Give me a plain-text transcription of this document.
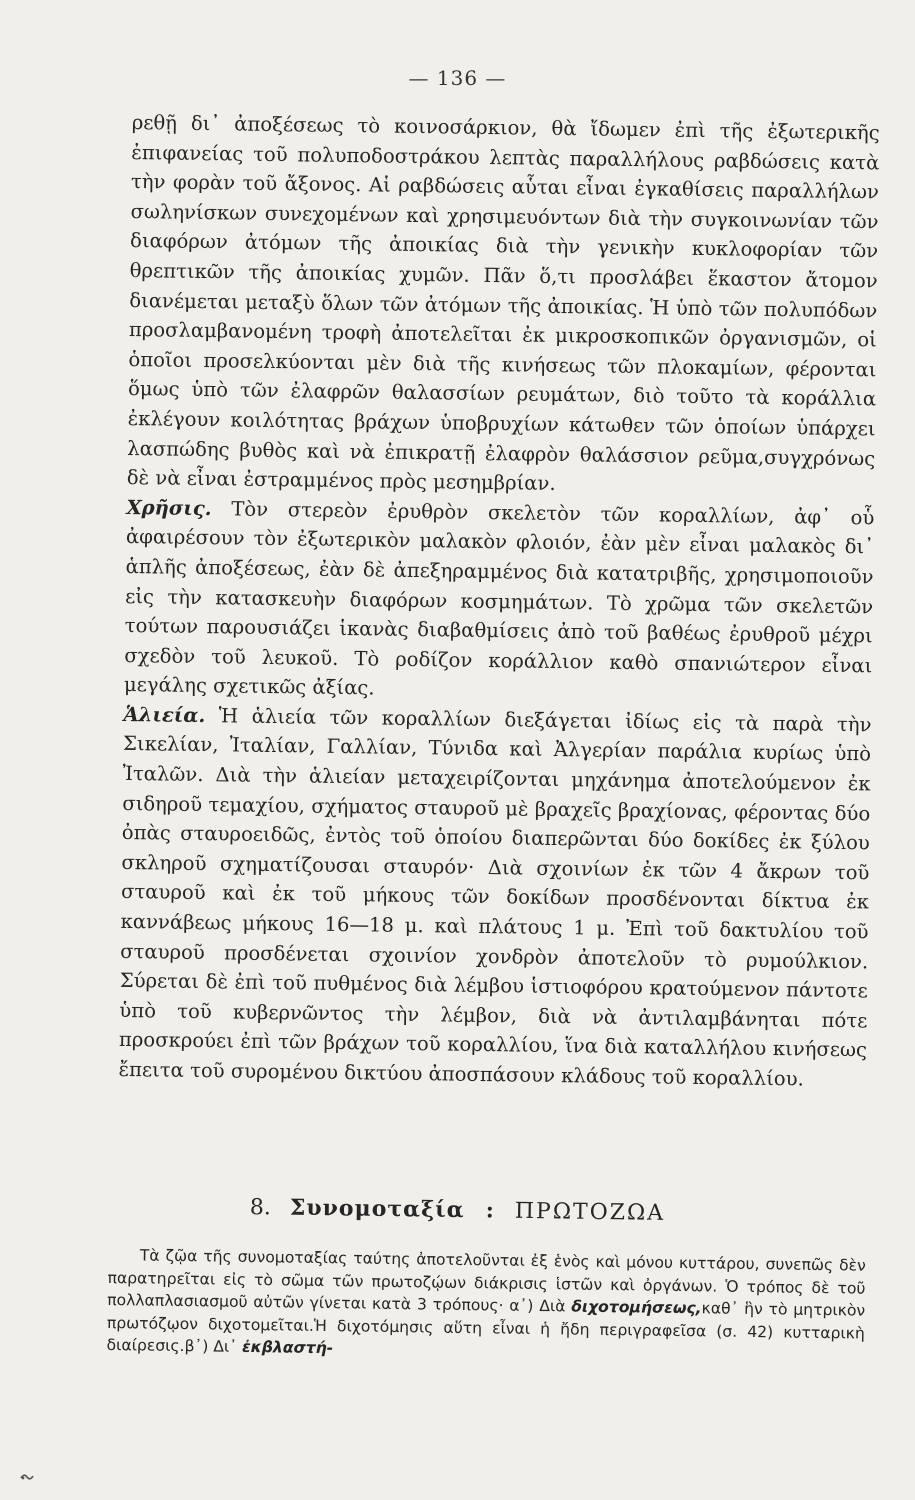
— 136 —

ρεθῇ δι᾽ ἀποξέσεως τὸ κοινοσάρκιον, θὰ ἴδωμεν ἐπὶ τῆς ἐξωτερικῆς ἐπιφανείας τοῦ πολυποδοστράκου λεπτὰς παραλλήλους ραβδώσεις κατὰ τὴν φορὰν τοῦ ἄξονος. Αἱ ραβδώσεις αὗται εἶναι ἐγκαθίσεις παραλλήλων σωληνίσκων συνεχομένων καὶ χρησιμευόντων διὰ τὴν συγκοινωνίαν τῶν διαφόρων ἀτόμων τῆς ἀποικίας διὰ τὴν γενικὴν κυκλοφορίαν τῶν θρεπτικῶν τῆς ἀποικίας χυμῶν. Πᾶν ὅ,τι προσλάβει ἕκαστον ἄτομον διανέμεται μεταξὺ ὅλων τῶν ἀτόμων τῆς ἀποικίας. Ἡ ὑπὸ τῶν πολυπόδων προσλαμβανομένη τροφὴ ἀποτελεῖται ἐκ μικροσκοπικῶν ὀργανισμῶν, οἱ ὁποῖοι προσελκύονται μὲν διὰ τῆς κινήσεως τῶν πλοκαμίων, φέρονται ὅμως ὑπὸ τῶν ἐλαφρῶν θαλασσίων ρευμάτων, διὸ τοῦτο τὰ κοράλλια ἐκλέγουν κοιλότητας βράχων ὑποβρυχίων κάτωθεν τῶν ὁποίων ὑπάρχει λασπώδης βυθὸς καὶ νὰ ἐπικρατῇ ἐλαφρὸν θαλάσσιον ρεῦμα,συγχρόνως δὲ νὰ εἶναι ἐστραμμένος πρὸς μεσημβρίαν.

Χρῆσις. Τὸν στερεὸν ἐρυθρὸν σκελετὸν τῶν κοραλλίων, ἀφ᾽ οὗ ἀφαιρέσουν τὸν ἐξωτερικὸν μαλακὸν φλοιόν, ἐὰν μὲν εἶναι μαλακὸς δι᾽ ἁπλῆς ἀποξέσεως, ἐὰν δὲ ἀπεξηραμμένος διὰ κατατριβῆς, χρησιμοποιοῦν εἰς τὴν κατασκευὴν διαφόρων κοσμημάτων. Τὸ χρῶμα τῶν σκελετῶν τούτων παρουσιάζει ἱκανὰς διαβαθμίσεις ἀπὸ τοῦ βαθέως ἐρυθροῦ μέχρι σχεδὸν τοῦ λευκοῦ. Τὸ ροδίζον κοράλλιον καθὸ σπανιώτερον εἶναι μεγάλης σχετικῶς ἀξίας.

Ἁλιεία. Ἡ ἁλιεία τῶν κοραλλίων διεξάγεται ἰδίως εἰς τὰ παρὰ τὴν Σικελίαν, Ἰταλίαν, Γαλλίαν, Τύνιδα καὶ Ἀλγερίαν παράλια κυρίως ὑπὸ Ἰταλῶν. Διὰ τὴν ἁλιείαν μεταχειρίζονται μηχάνημα ἀποτελούμενον ἐκ σιδηροῦ τεμαχίου, σχήματος σταυροῦ μὲ βραχεῖς βραχίονας, φέροντας δύο ὀπὰς σταυροειδῶς, ἐντὸς τοῦ ὁποίου διαπερῶνται δύο δοκίδες ἐκ ξύλου σκληροῦ σχηματίζουσαι σταυρόν· Διὰ σχοινίων ἐκ τῶν 4 ἄκρων τοῦ σταυροῦ καὶ ἐκ τοῦ μήκους τῶν δοκίδων προσδένονται δίκτυα ἐκ καννάβεως μήκους 16—18 μ. καὶ πλάτους 1 μ. Ἐπὶ τοῦ δακτυλίου τοῦ σταυροῦ προσδένεται σχοινίον χονδρὸν ἀποτελοῦν τὸ ρυμούλκιον. Σύρεται δὲ ἐπὶ τοῦ πυθμένος διὰ λέμβου ἱστιοφόρου κρατούμενον πάντοτε ὑπὸ τοῦ κυβερνῶντος τὴν λέμβον, διὰ νὰ ἀντιλαμβάνηται πότε προσκρούει ἐπὶ τῶν βράχων τοῦ κοραλλίου, ἵνα διὰ καταλλήλου κινήσεως ἔπειτα τοῦ συρομένου δικτύου ἀποσπάσουν κλάδους τοῦ κοραλλίου.

8. Συνομοταξία : ΠΡΩΤΟΖΩΑ

Τὰ ζῷα τῆς συνομοταξίας ταύτης ἀποτελοῦνται ἐξ ἑνὸς καὶ μόνου κυττάρου, συνεπῶς δὲν παρατηρεῖται εἰς τὸ σῶμα τῶν πρωτοζῴων διάκρισις ἱστῶν καὶ ὀργάνων. Ὁ τρόπος δὲ τοῦ πολλαπλασιασμοῦ αὐτῶν γίνεται κατὰ 3 τρόπους· α᾽) Διὰ διχοτομήσεως,καθ᾽ ἣν τὸ μητρικὸν πρωτόζῳον διχοτομεῖται.Ἡ διχοτόμησις αὕτη εἶναι ἡ ἤδη περιγραφεῖσα (σ. 42) κυτταρικὴ διαίρεσις.β᾽) Δι᾽ ἐκβλαστή-
